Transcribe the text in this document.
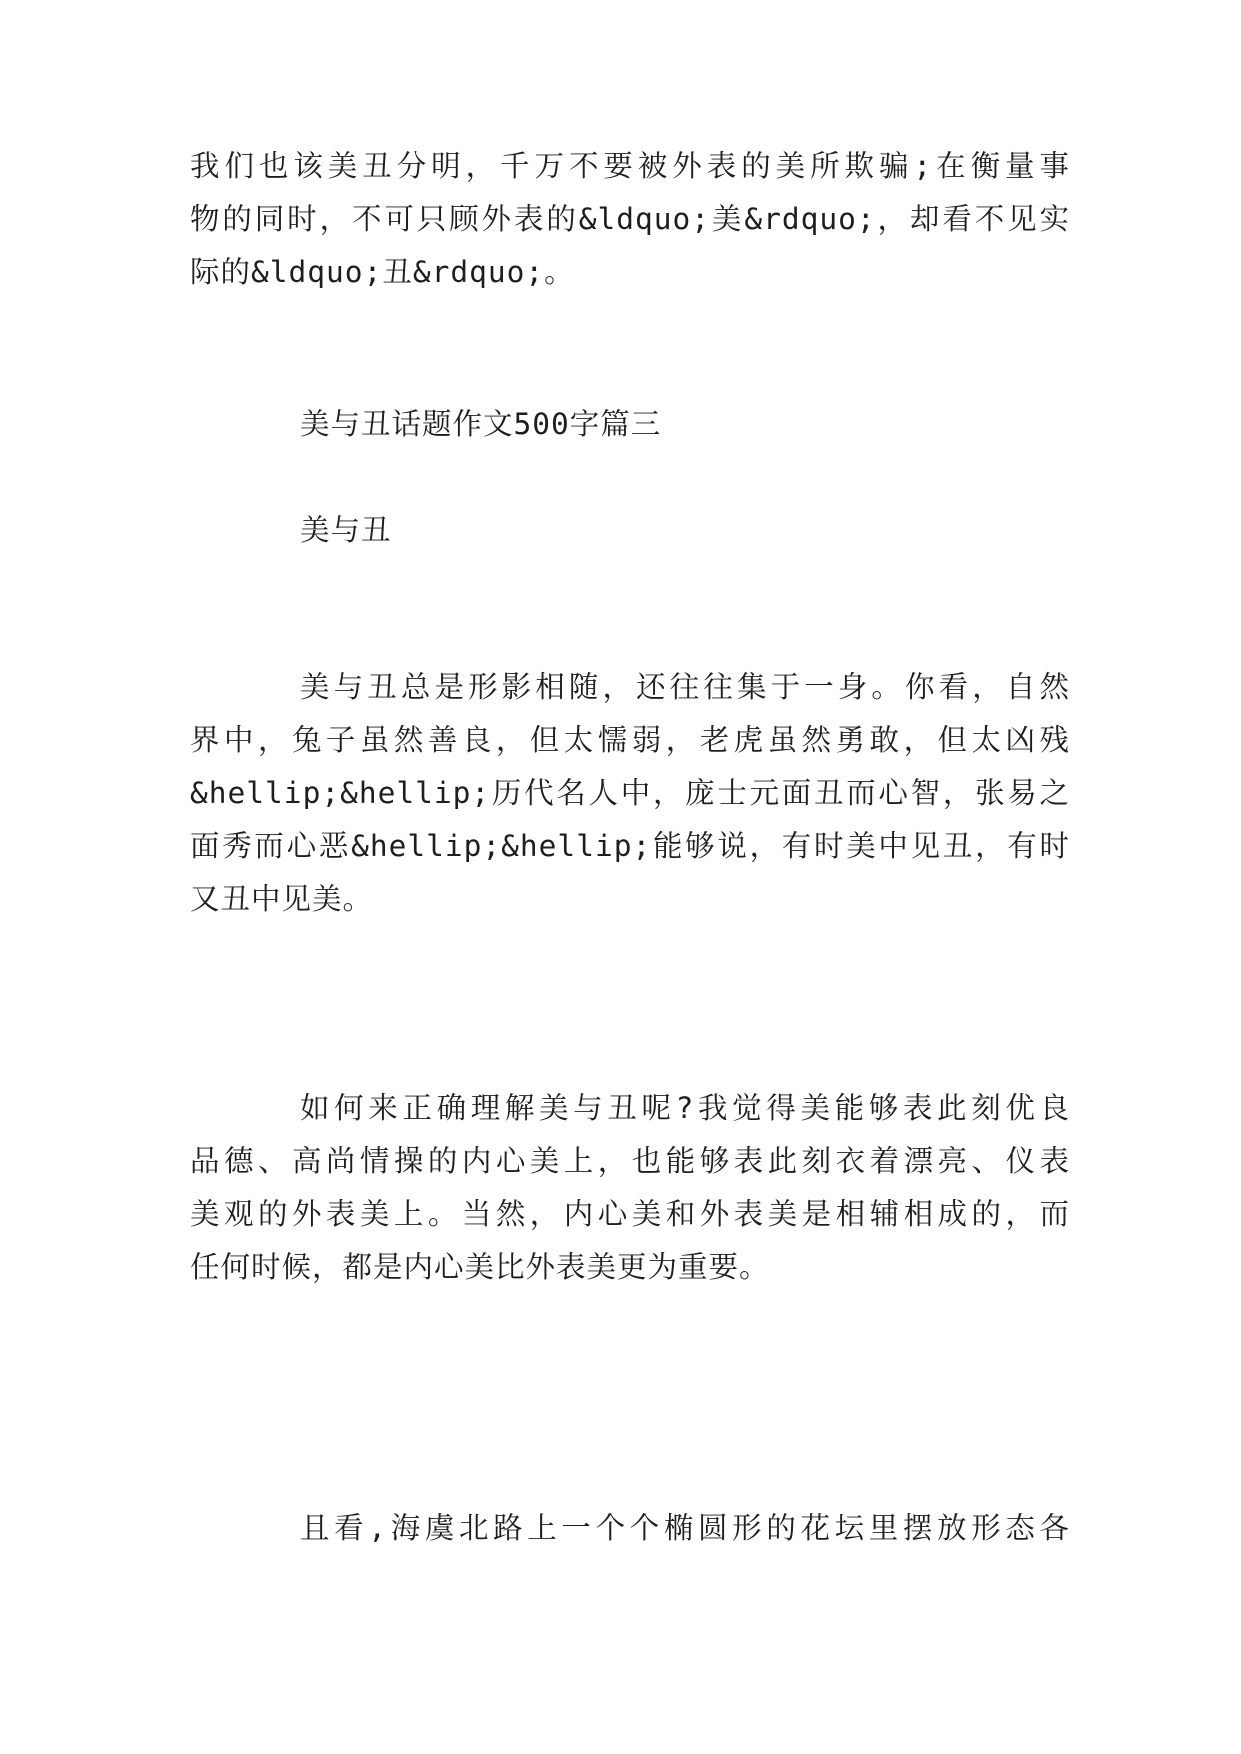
我们也该美丑分明，千万不要被外表的美所欺骗;在衡量事
物的同时，不可只顾外表的&ldquo;美&rdquo;，却看不见实
际的&ldquo;丑&rdquo;。
美与丑话题作文500字篇三
美与丑
美与丑总是形影相随，还往往集于一身。你看，自然
界中，兔子虽然善良，但太懦弱，老虎虽然勇敢，但太凶残
&hellip;&hellip;历代名人中，庞士元面丑而心智，张易之
面秀而心恶&hellip;&hellip;能够说，有时美中见丑，有时
又丑中见美。
如何来正确理解美与丑呢?我觉得美能够表此刻优良
品德、高尚情操的内心美上，也能够表此刻衣着漂亮、仪表
美观的外表美上。当然，内心美和外表美是相辅相成的，而
任何时候，都是内心美比外表美更为重要。
且看,海虞北路上一个个椭圆形的花坛里摆放形态各
